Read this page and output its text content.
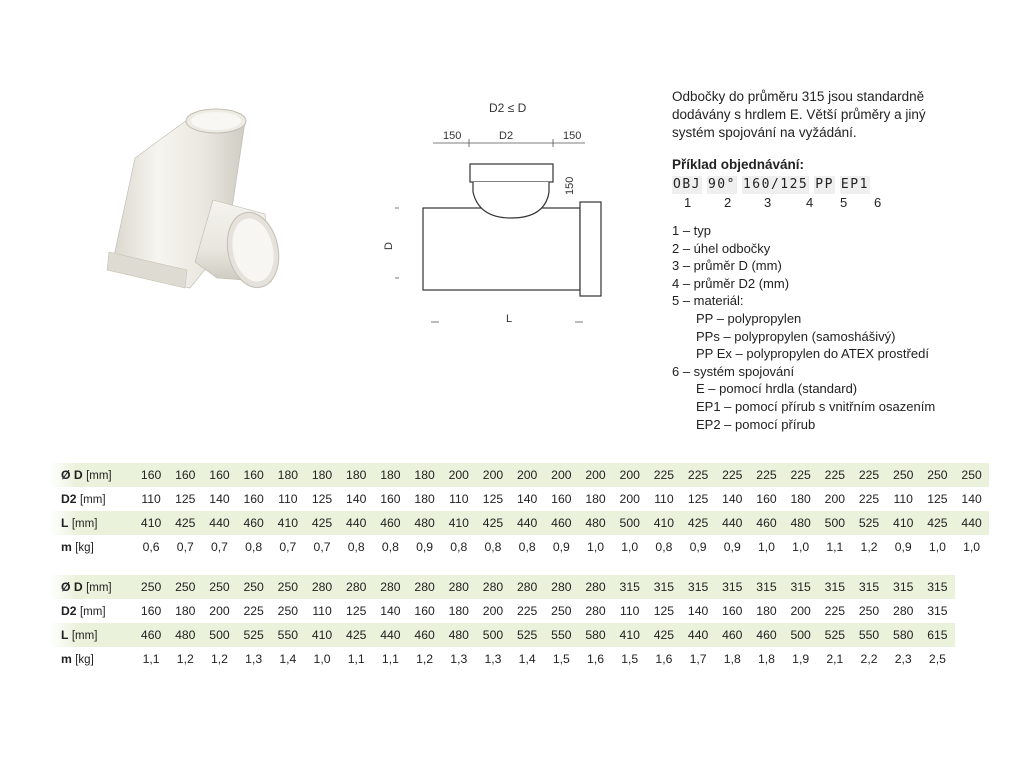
D2 ≤ D
150	D2	150
150
D
L

Odbočky do průměru 315 jsou standardně dodávány s hrdlem E. Větší průměry a jiný systém spojování na vyžádání.

Příklad objednávání:
OBJ 90° 160/125 PP EP1
1	2	3	4 5 6
1 – typ
2 – úhel odbočky
3 – průměr D (mm)
4 – průměr D2 (mm)
5 – materiál:
PP – polypropylen
PPs – polypropylen (samoshášivý)
PP Ex – polypropylen do ATEX prostředí
6 – systém spojování
E – pomocí hrdla (standard)
EP1 – pomocí přírub s vnitřním osazením
EP2 – pomocí přírub
Ø D [mm]	160	160	160	160	180	180	180	180	180	200	200	200	200	200	200	225	225	225	225	225	225	225	250	250	250
D2 [mm]	110	125	140	160	110	125	140	160	180	110	125	140	160	180	200	110	125	140	160	180	200	225	110	125	140
L [mm]	410	425	440	460	410	425	440	460	480	410	425	440	460	480	500	410	425	440	460	480	500	525	410	425	440
m [kg]	0,6	0,7	0,7	0,8	0,7	0,7	0,8	0,8	0,9	0,8	0,8	0,8	0,9	1,0	1,0	0,8	0,9	0,9	1,0	1,0	1,1	1,2	0,9	1,0	1,0
Ø D [mm]	250	250	250	250	250	280	280	280	280	280	280	280	280	280	315	315	315	315	315	315	315	315	315	315
D2 [mm]	160	180	200	225	250	110	125	140	160	180	200	225	250	280	110	125	140	160	180	200	225	250	280	315
L [mm]	460	480	500	525	550	410	425	440	460	480	500	525	550	580	410	425	440	460	460	500	525	550	580	615
m [kg]	1,1	1,2	1,2	1,3	1,4	1,0	1,1	1,1	1,2	1,3	1,3	1,4	1,5	1,6	1,5	1,6	1,7	1,8	1,8	1,9	2,1	2,2	2,3	2,5
